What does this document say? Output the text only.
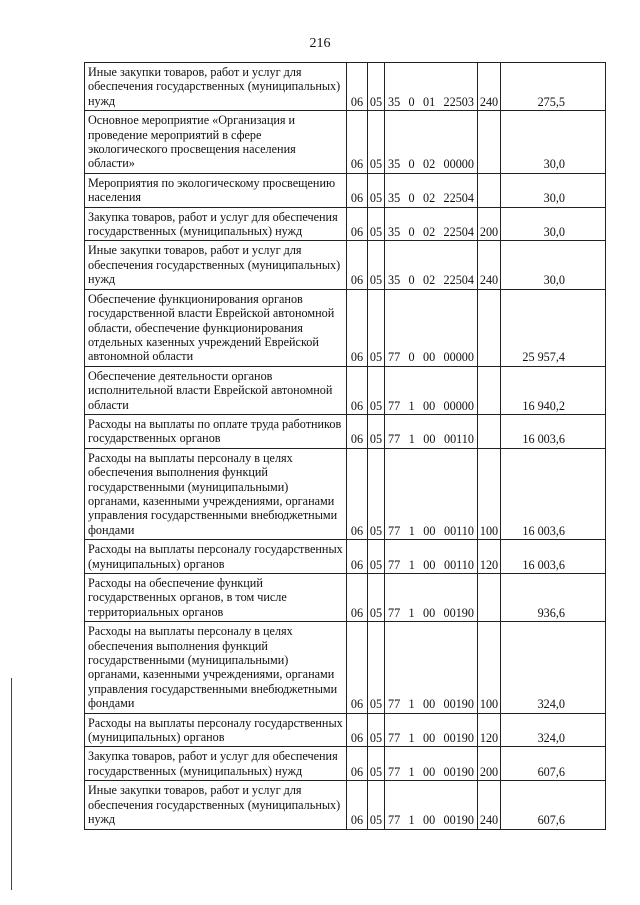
216
Иные закупки товаров, работ и услуг для обеспечения государственных (муниципальных) нужд	06	05	35 0 01 22503	240	275,5
Основное мероприятие «Организация и проведение мероприятий в сфере экологического просвещения населения области»	06	05	35 0 02 00000		30,0
Мероприятия по экологическому просвещению населения	06	05	35 0 02 22504		30,0
Закупка товаров, работ и услуг для обеспечения государственных (муниципальных) нужд	06	05	35 0 02 22504	200	30,0
Иные закупки товаров, работ и услуг для обеспечения государственных (муниципальных) нужд	06	05	35 0 02 22504	240	30,0
Обеспечение функционирования органов государственной власти Еврейской автономной области, обеспечение функционирования отдельных казенных учреждений Еврейской автономной области	06	05	77 0 00 00000		25 957,4
Обеспечение деятельности органов исполнительной власти Еврейской автономной области	06	05	77 1 00 00000		16 940,2
Расходы на выплаты по оплате труда работников государственных органов	06	05	77 1 00 00110		16 003,6
Расходы на выплаты персоналу в целях обеспечения выполнения функций государственными (муниципальными) органами, казенными учреждениями, органами управления государственными внебюджетными фондами	06	05	77 1 00 00110	100	16 003,6
Расходы на выплаты персоналу государственных (муниципальных) органов	06	05	77 1 00 00110	120	16 003,6
Расходы на обеспечение функций государственных органов, в том числе территориальных органов	06	05	77 1 00 00190		936,6
Расходы на выплаты персоналу в целях обеспечения выполнения функций государственными (муниципальными) органами, казенными учреждениями, органами управления государственными внебюджетными фондами	06	05	77 1 00 00190	100	324,0
Расходы на выплаты персоналу государственных (муниципальных) органов	06	05	77 1 00 00190	120	324,0
Закупка товаров, работ и услуг для обеспечения государственных (муниципальных) нужд	06	05	77 1 00 00190	200	607,6
Иные закупки товаров, работ и услуг для обеспечения государственных (муниципальных) нужд	06	05	77 1 00 00190	240	607,6
